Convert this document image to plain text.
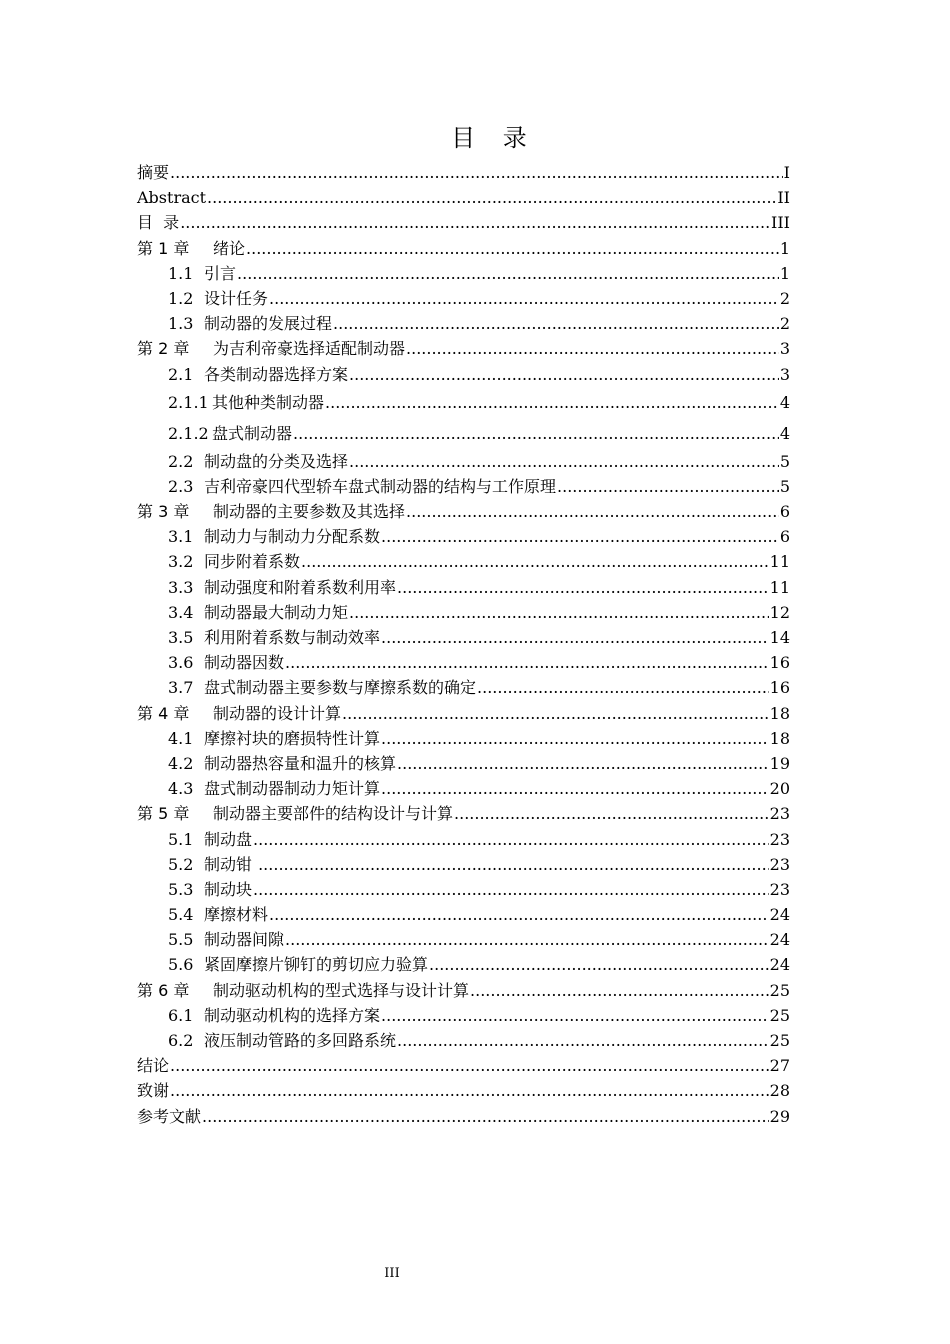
目 录
摘要 .....	I
Abstract .....	II
目  录 .....	III
第 1 章	绪论 .....	1
1.1 引言 .....	1
1.2 设计任务 .....	2
1.3 制动器的发展过程 .....	2
第 2 章	为吉利帝豪选择适配制动器 .....	3
2.1 各类制动器选择方案 .....	3
2.1.1 其他种类制动器 .....	4
2.1.2 盘式制动器 .....	4
2.2 制动盘的分类及选择 .....	5
2.3 吉利帝豪四代型轿车盘式制动器的结构与工作原理 .....	5
第 3 章	制动器的主要参数及其选择 .....	6
3.1 制动力与制动力分配系数 .....	6
3.2 同步附着系数 .....	11
3.3 制动强度和附着系数利用率 .....	11
3.4 制动器最大制动力矩 .....	12
3.5 利用附着系数与制动效率 .....	14
3.6 制动器因数 .....	16
3.7 盘式制动器主要参数与摩擦系数的确定 .....	16
第 4 章	制动器的设计计算 .....	18
4.1 摩擦衬块的磨损特性计算 .....	18
4.2 制动器热容量和温升的核算 .....	19
4.3 盘式制动器制动力矩计算 .....	20
第 5 章	制动器主要部件的结构设计与计算 .....	23
5.1 制动盘 .....	23
5.2 制动钳 .....	23
5.3 制动块 .....	23
5.4 摩擦材料 .....	24
5.5 制动器间隙 .....	24
5.6 紧固摩擦片铆钉的剪切应力验算 .....	24
第 6 章	制动驱动机构的型式选择与设计计算 .....	25
6.1 制动驱动机构的选择方案 .....	25
6.2 液压制动管路的多回路系统 .....	25
结论 .....	27
致谢 .....	28
参考文献 .....	29
III
